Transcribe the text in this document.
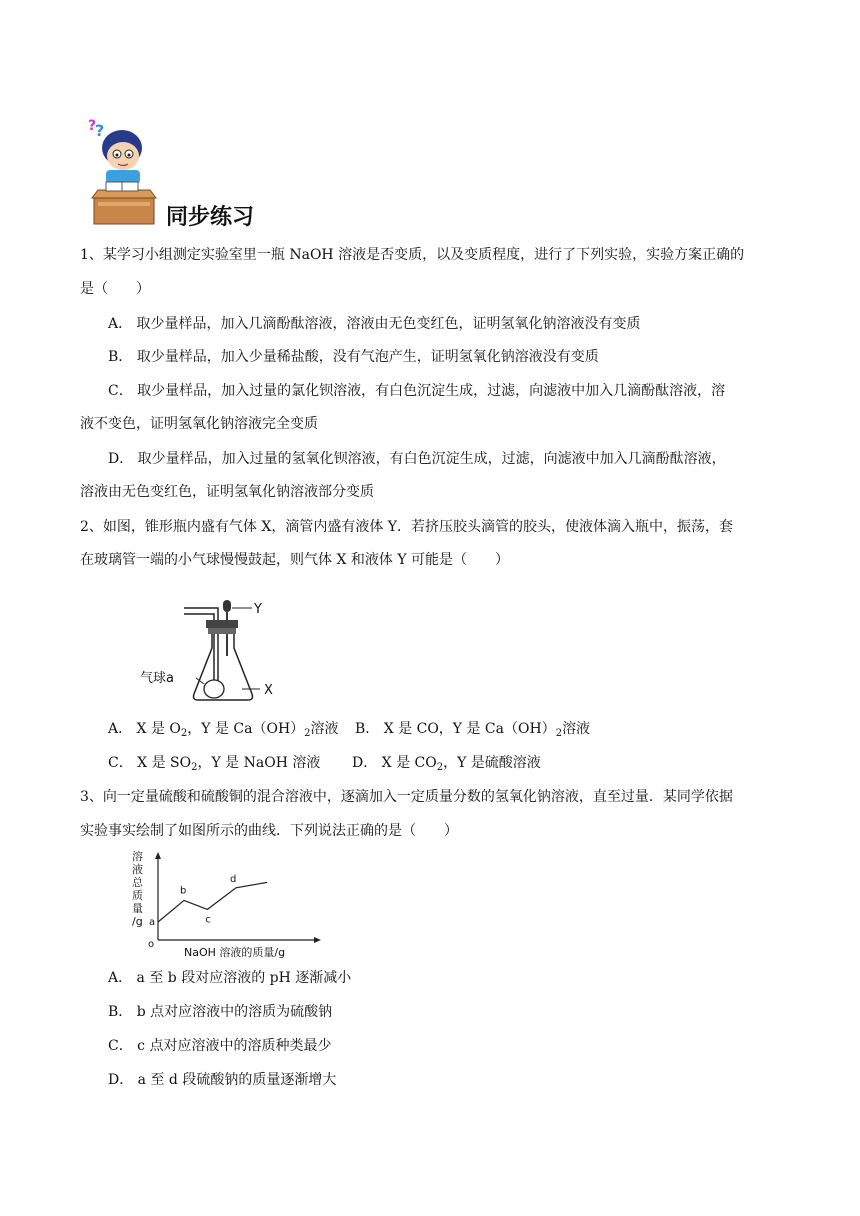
?
?
同步练习
1、某学习小组测定实验室里一瓶 NaOH 溶液是否变质，以及变质程度，进行了下列实验，实验方案正确的
是（　　）
A． 取少量样品，加入几滴酚酞溶液，溶液由无色变红色，证明氢氧化钠溶液没有变质
B． 取少量样品，加入少量稀盐酸，没有气泡产生，证明氢氧化钠溶液没有变质
C． 取少量样品，加入过量的氯化钡溶液，有白色沉淀生成，过滤，向滤液中加入几滴酚酞溶液，溶
液不变色，证明氢氧化钠溶液完全变质
D． 取少量样品，加入过量的氢氧化钡溶液，有白色沉淀生成，过滤，向滤液中加入几滴酚酞溶液，
溶液由无色变红色，证明氢氧化钠溶液部分变质
2、如图，锥形瓶内盛有气体 X，滴管内盛有液体 Y．若挤压胶头滴管的胶头，使液体滴入瓶中，振荡，套
在玻璃管一端的小气球慢慢鼓起，则气体 X 和液体 Y 可能是（　　）
Y
气球a
X
A． X 是 $O_2$，Y 是 $Ca(OH)_2$溶液 B． X 是 CO，Y 是 $Ca(OH)_2$溶液
C． X 是 $SO_2$，Y 是 NaOH 溶液 D． X 是 $CO_2$，Y 是硫酸溶液
3、向一定量硫酸和硫酸铜的混合溶液中，逐滴加入一定质量分数的氢氧化钠溶液，直至过量．某同学依据
实验事实绘制了如图所示的曲线．下列说法正确的是（　　）
溶
液
总
质
量
/g
o
NaOH 溶液的质量/g
a
b
c
d
A． a 至 b 段对应溶液的 pH 逐渐减小
B． b 点对应溶液中的溶质为硫酸钠
C． c 点对应溶液中的溶质种类最少
D． a 至 d 段硫酸钠的质量逐渐增大
